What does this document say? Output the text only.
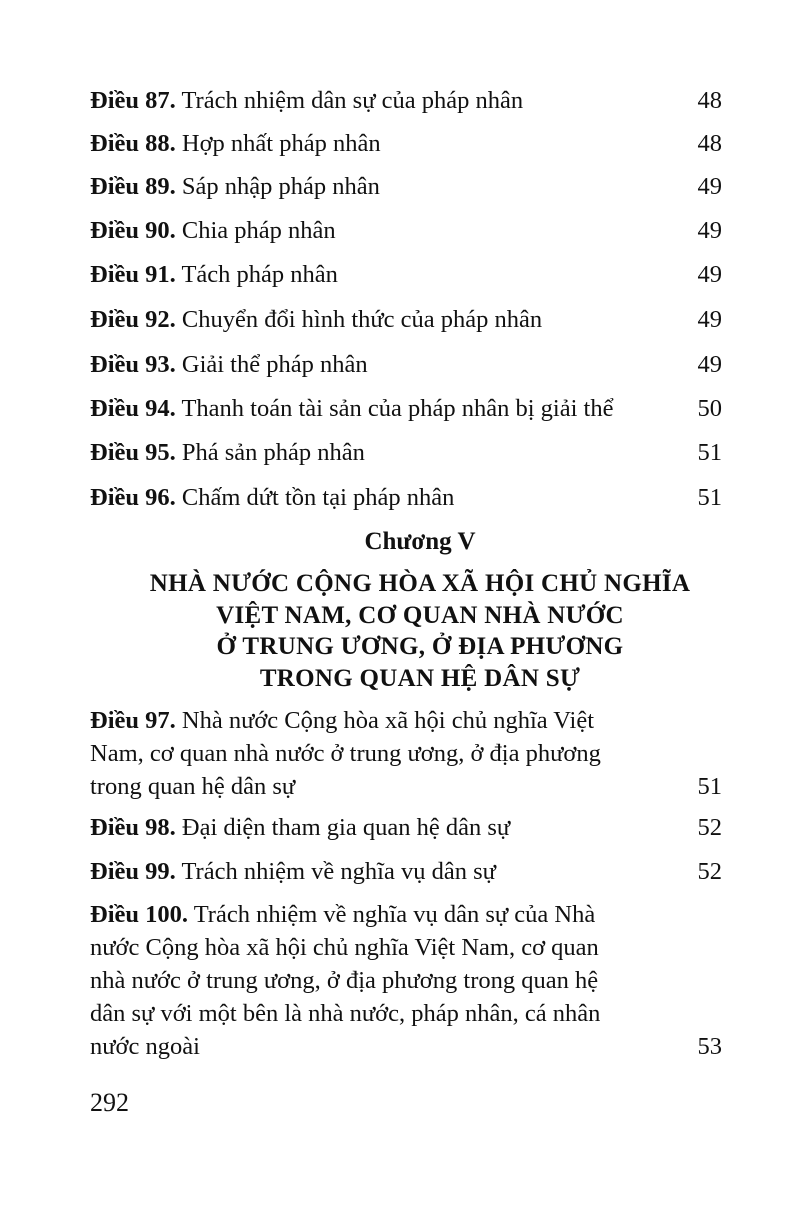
Điều 87. Trách nhiệm dân sự của pháp nhân	48
Điều 88. Hợp nhất pháp nhân	48
Điều 89. Sáp nhập pháp nhân	49
Điều 90. Chia pháp nhân	49
Điều 91. Tách pháp nhân	49
Điều 92. Chuyển đổi hình thức của pháp nhân	49
Điều 93. Giải thể pháp nhân	49
Điều 94. Thanh toán tài sản của pháp nhân bị giải thể	50
Điều 95. Phá sản pháp nhân	51
Điều 96. Chấm dứt tồn tại pháp nhân	51
Chương V
NHÀ NƯỚC CỘNG HÒA XÃ HỘI CHỦ NGHĨA
VIỆT NAM, CƠ QUAN NHÀ NƯỚC
Ở TRUNG ƯƠNG, Ở ĐỊA PHƯƠNG
TRONG QUAN HỆ DÂN SỰ
Điều 97. Nhà nước Cộng hòa xã hội chủ nghĩa Việt
Nam, cơ quan nhà nước ở trung ương, ở địa phương
trong quan hệ dân sự	51
Điều 98. Đại diện tham gia quan hệ dân sự	52
Điều 99. Trách nhiệm về nghĩa vụ dân sự	52
Điều 100. Trách nhiệm về nghĩa vụ dân sự của Nhà
nước Cộng hòa xã hội chủ nghĩa Việt Nam, cơ quan
nhà nước ở trung ương, ở địa phương trong quan hệ
dân sự với một bên là nhà nước, pháp nhân, cá nhân
nước ngoài	53
292
